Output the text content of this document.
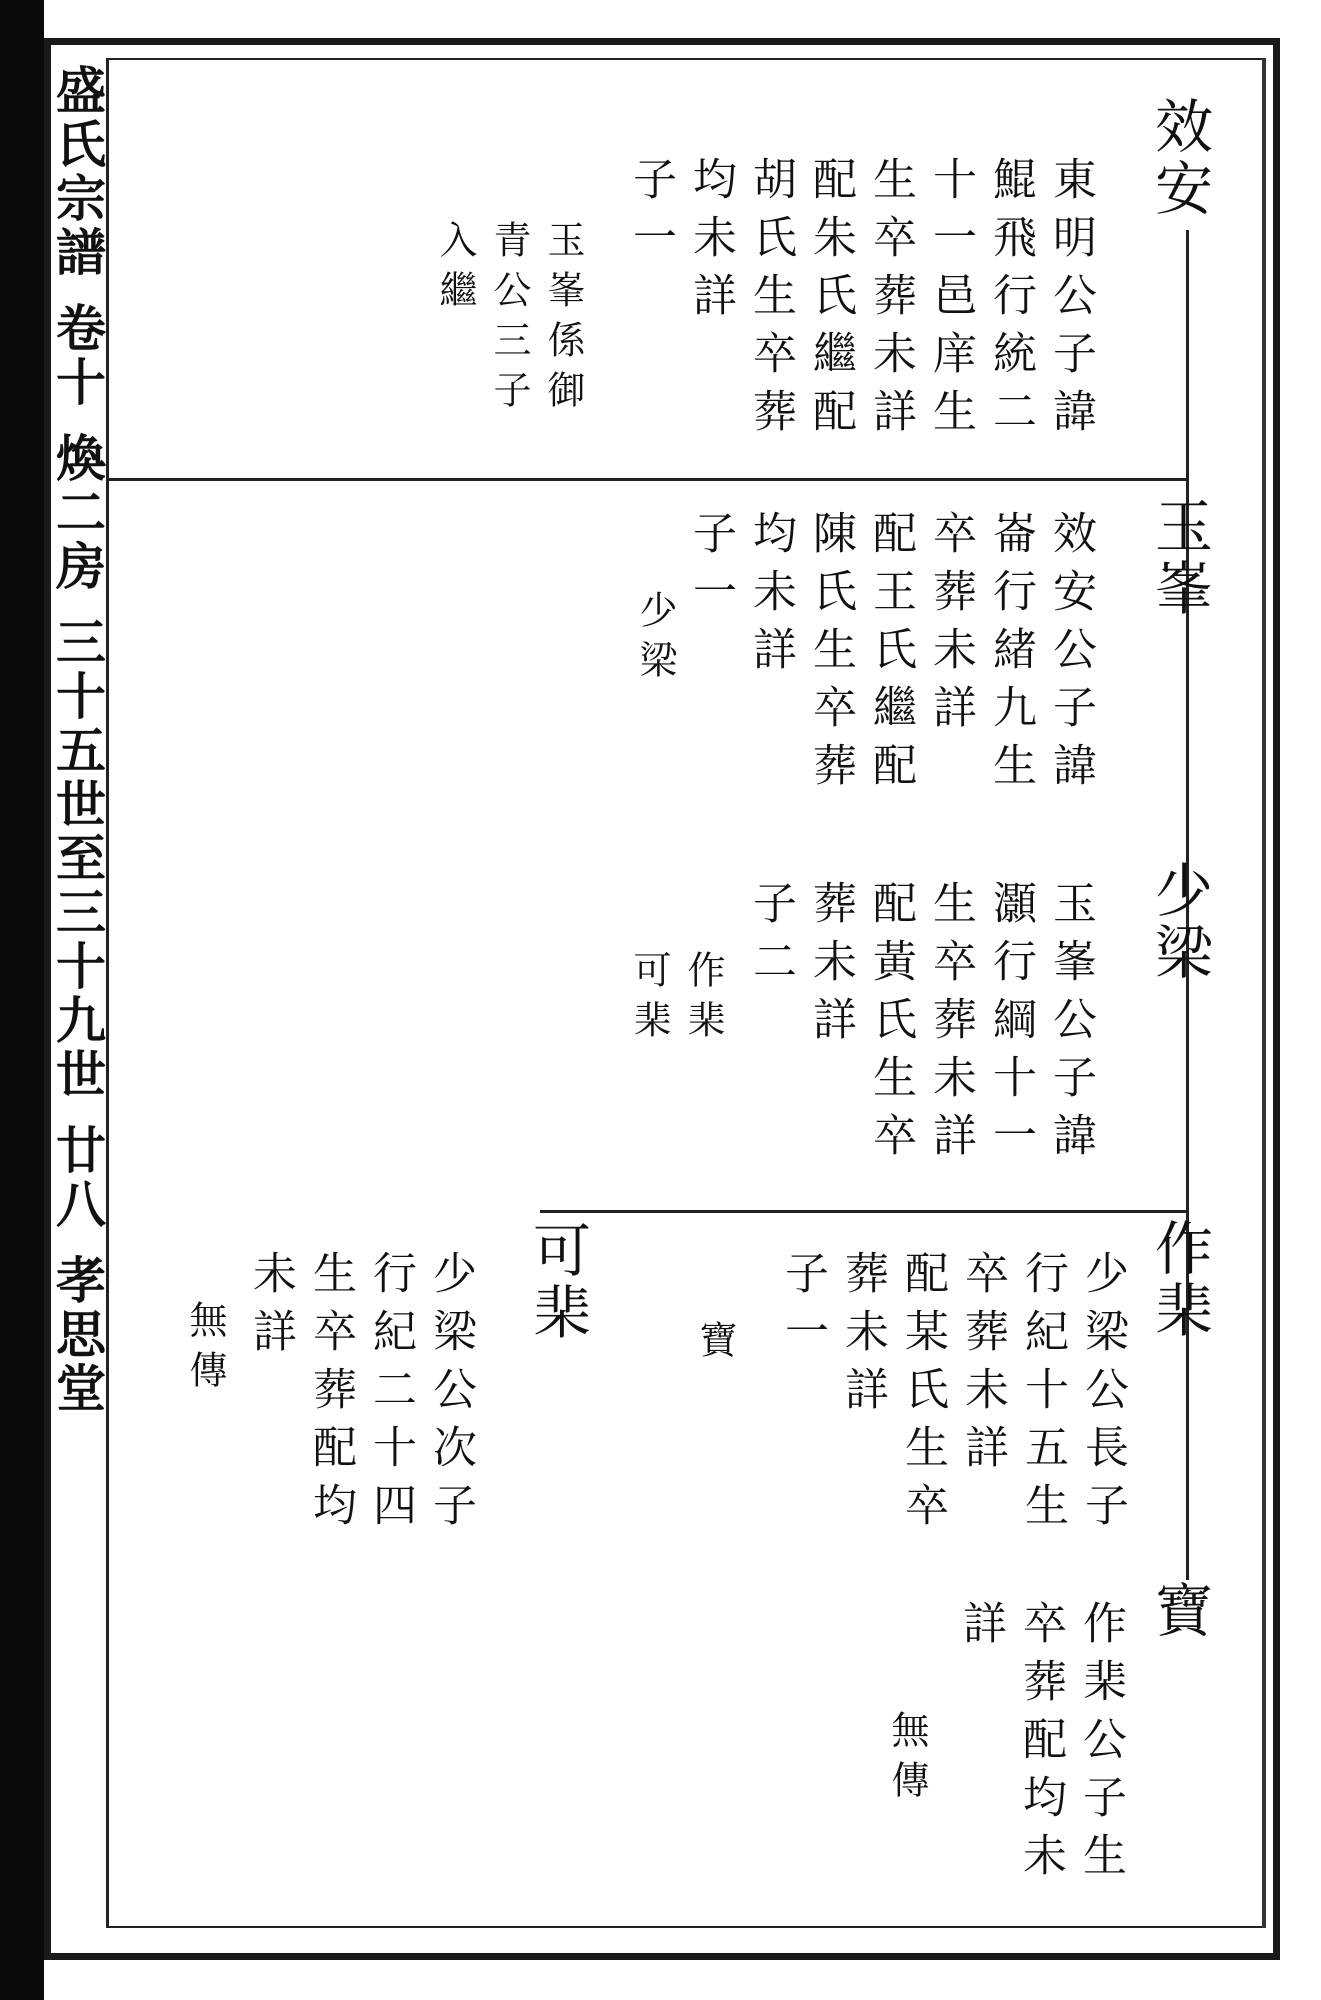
盛氏宗譜卷十煥二房三十五世至三十九世廿八孝思堂
效安
東明公子諱
鯤飛行統二
十一邑庠生
生卒葬未詳
配朱氏繼配
胡氏生卒葬
均未詳
子一
玉峯係御
青公三子
入繼
玉峯
效安公子諱
崙行緒九生
卒葬未詳
配王氏繼配
陳氏生卒葬
均未詳
子一
少梁
少梁
玉峯公子諱
灝行綱十一
生卒葬未詳
配黃氏生卒
葬未詳
子二
作棐
可棐
作棐
少梁公長子
行紀十五生
卒葬未詳
配某氏生卒
葬未詳
子一
寶
寶
作棐公子生
卒葬配均未
詳
無傳
可棐
少梁公次子
行紀二十四
生卒葬配均
未詳
無傳
